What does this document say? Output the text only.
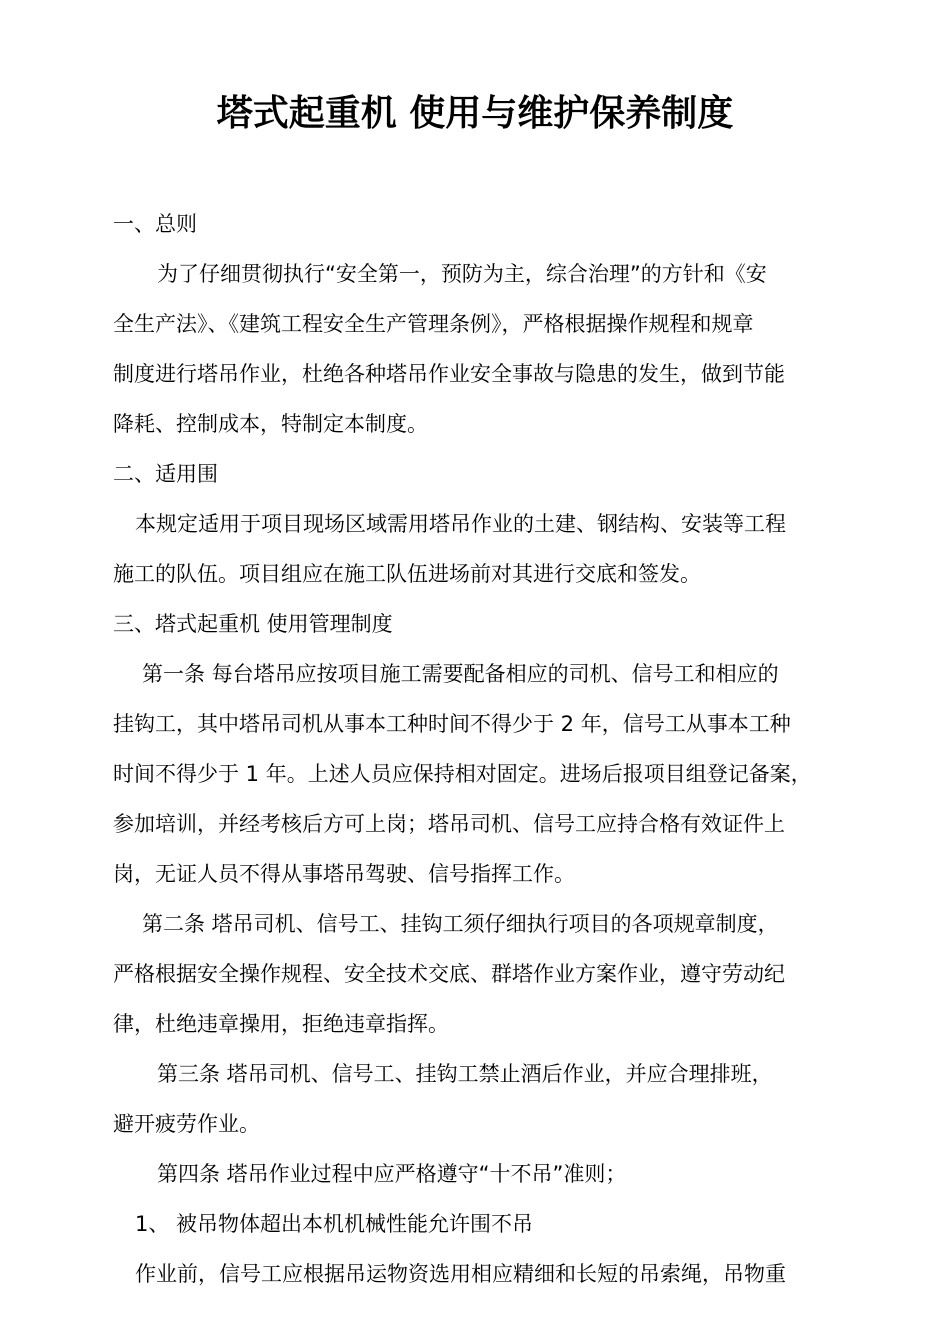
塔式起重机 使用与维护保养制度
一、总则
为了仔细贯彻执行“安全第一，预防为主，综合治理”的方针和《安
全生产法》、《建筑工程安全生产管理条例》，严格根据操作规程和规章
制度进行塔吊作业，杜绝各种塔吊作业安全事故与隐患的发生，做到节能
降耗、控制成本，特制定本制度。
二、适用围
本规定适用于项目现场区域需用塔吊作业的土建、钢结构、安装等工程
施工的队伍。项目组应在施工队伍进场前对其进行交底和签发。
三、塔式起重机 使用管理制度
第一条 每台塔吊应按项目施工需要配备相应的司机、信号工和相应的
挂钩工，其中塔吊司机从事本工种时间不得少于 2 年，信号工从事本工种
时间不得少于 1 年。上述人员应保持相对固定。进场后报项目组登记备案，
参加培训，并经考核后方可上岗；塔吊司机、信号工应持合格有效证件上
岗，无证人员不得从事塔吊驾驶、信号指挥工作。
第二条 塔吊司机、信号工、挂钩工须仔细执行项目的各项规章制度，
严格根据安全操作规程、安全技术交底、群塔作业方案作业，遵守劳动纪
律，杜绝违章操用，拒绝违章指挥。
第三条 塔吊司机、信号工、挂钩工禁止酒后作业，并应合理排班，
避开疲劳作业。
第四条 塔吊作业过程中应严格遵守“十不吊”准则；
1、 被吊物体超出本机机械性能允许围不吊
作业前，信号工应根据吊运物资选用相应精细和长短的吊索绳，吊物重
